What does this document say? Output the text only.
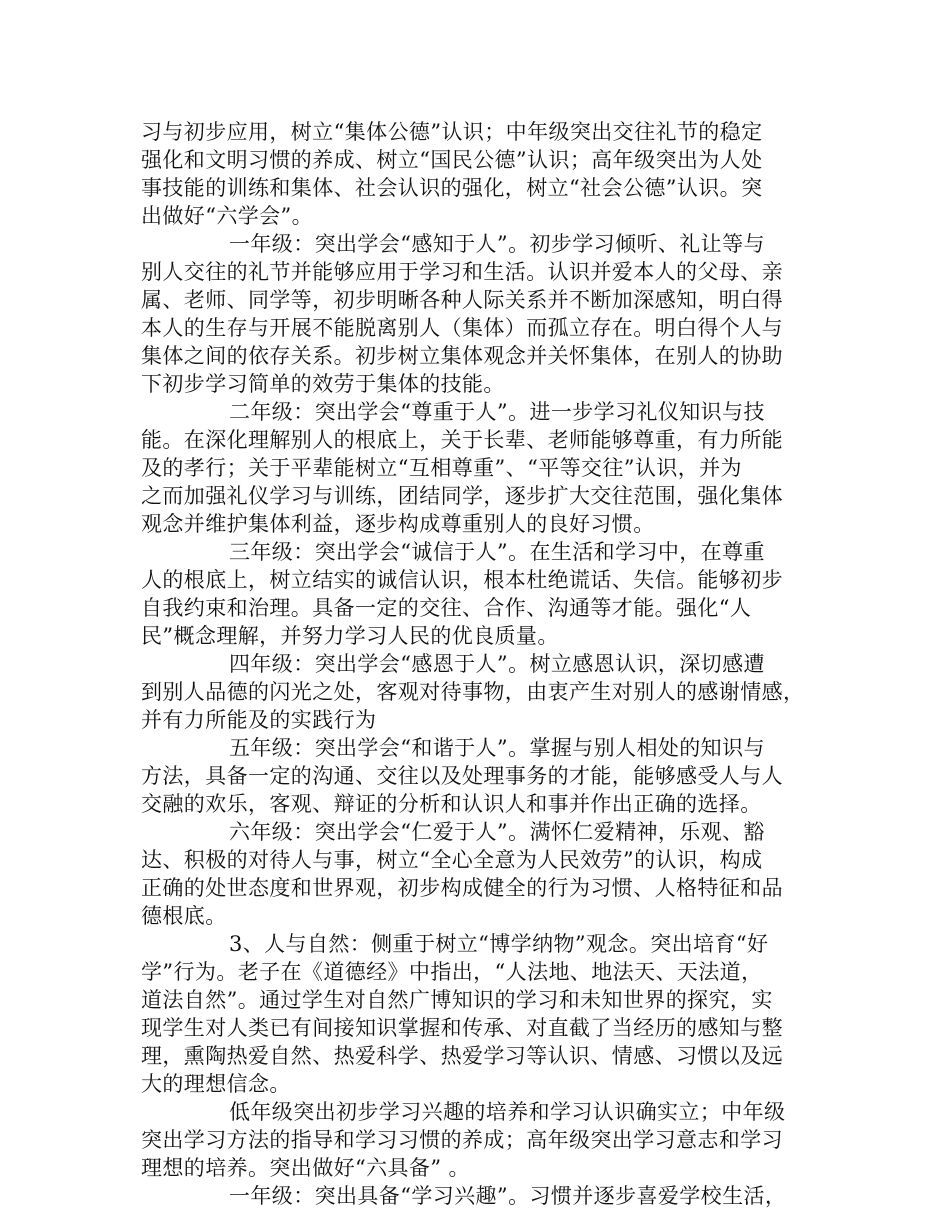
习与初步应用，树立“集体公德”认识；中年级突出交往礼节的稳定
强化和文明习惯的养成、树立“国民公德”认识；高年级突出为人处
事技能的训练和集体、社会认识的强化，树立“社会公德”认识。突
出做好“六学会”。
一年级：突出学会“感知于人”。初步学习倾听、礼让等与
别人交往的礼节并能够应用于学习和生活。认识并爱本人的父母、亲
属、老师、同学等，初步明晰各种人际关系并不断加深感知，明白得
本人的生存与开展不能脱离别人（集体）而孤立存在。明白得个人与
集体之间的依存关系。初步树立集体观念并关怀集体，在别人的协助
下初步学习简单的效劳于集体的技能。
二年级：突出学会“尊重于人”。进一步学习礼仪知识与技
能。在深化理解别人的根底上，关于长辈、老师能够尊重，有力所能
及的孝行；关于平辈能树立“互相尊重”、“平等交往”认识，并为
之而加强礼仪学习与训练，团结同学，逐步扩大交往范围，强化集体
观念并维护集体利益，逐步构成尊重别人的良好习惯。
三年级：突出学会“诚信于人”。在生活和学习中，在尊重
人的根底上，树立结实的诚信认识，根本杜绝谎话、失信。能够初步
自我约束和治理。具备一定的交往、合作、沟通等才能。强化“人
民”概念理解，并努力学习人民的优良质量。
四年级：突出学会“感恩于人”。树立感恩认识，深切感遭
到别人品德的闪光之处，客观对待事物，由衷产生对别人的感谢情感，
并有力所能及的实践行为
五年级：突出学会“和谐于人”。掌握与别人相处的知识与
方法，具备一定的沟通、交往以及处理事务的才能，能够感受人与人
交融的欢乐，客观、辩证的分析和认识人和事并作出正确的选择。
六年级：突出学会“仁爱于人”。满怀仁爱精神，乐观、豁
达、积极的对待人与事，树立“全心全意为人民效劳”的认识，构成
正确的处世态度和世界观，初步构成健全的行为习惯、人格特征和品
德根底。
3、人与自然：侧重于树立“博学纳物”观念。突出培育“好
学”行为。老子在《道德经》中指出，“人法地、地法天、天法道，
道法自然”。通过学生对自然广博知识的学习和未知世界的探究，实
现学生对人类已有间接知识掌握和传承、对直截了当经历的感知与整
理，熏陶热爱自然、热爱科学、热爱学习等认识、情感、习惯以及远
大的理想信念。
低年级突出初步学习兴趣的培养和学习认识确实立；中年级
突出学习方法的指导和学习习惯的养成；高年级突出学习意志和学习
理想的培养。突出做好“六具备” 。
一年级：突出具备“学习兴趣”。习惯并逐步喜爱学校生活，
